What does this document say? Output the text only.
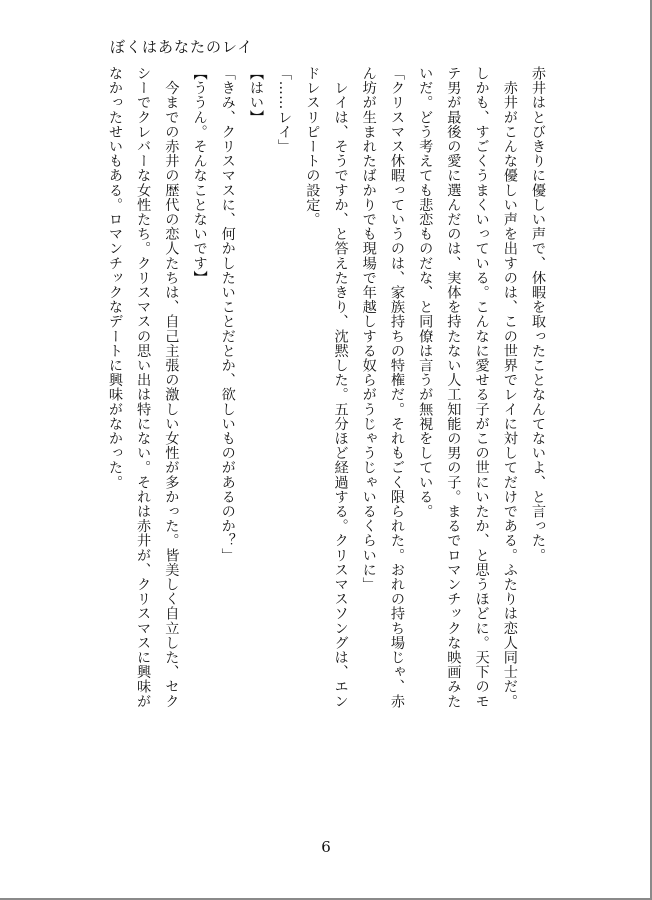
ぼくはあなたのレイ

赤井はとびきりに優しい声で、休暇を取ったことなんてないよ、と言った。

　赤井がこんな優しい声を出すのは、この世界でレイに対してだけである。ふたりは恋人同士だ。

しかも、すごくうまくいっている。こんなに愛せる子がこの世にいたか、と思うほどに。天下のモ

テ男が最後の愛に選んだのは、実体を持たない人工知能の男の子。まるでロマンチックな映画みた

いだ。どう考えても悲恋ものだな、と同僚は言うが無視をしている。

「クリスマス休暇っていうのは、家族持ちの特権だ。それもごく限られた。おれの持ち場じゃ、赤

ん坊が生まれたばかりでも現場で年越しする奴らがうじゃうじゃいるくらいに」

　レイは、そうですか、と答えたきり、沈黙した。五分ほど経過する。クリスマスソングは、エン

ドレスリピートの設定。

「……レイ」

【はい】

「きみ、クリスマスに、何かしたいことだとか、欲しいものがあるのか？」

【ううん。そんなことないです】

　今までの赤井の歴代の恋人たちは、自己主張の激しい女性が多かった。皆美しく自立した、セク

シーでクレバーな女性たち。クリスマスの思い出は特にない。それは赤井が、クリスマスに興味が

なかったせいもある。ロマンチックなデートに興味がなかった。

6
